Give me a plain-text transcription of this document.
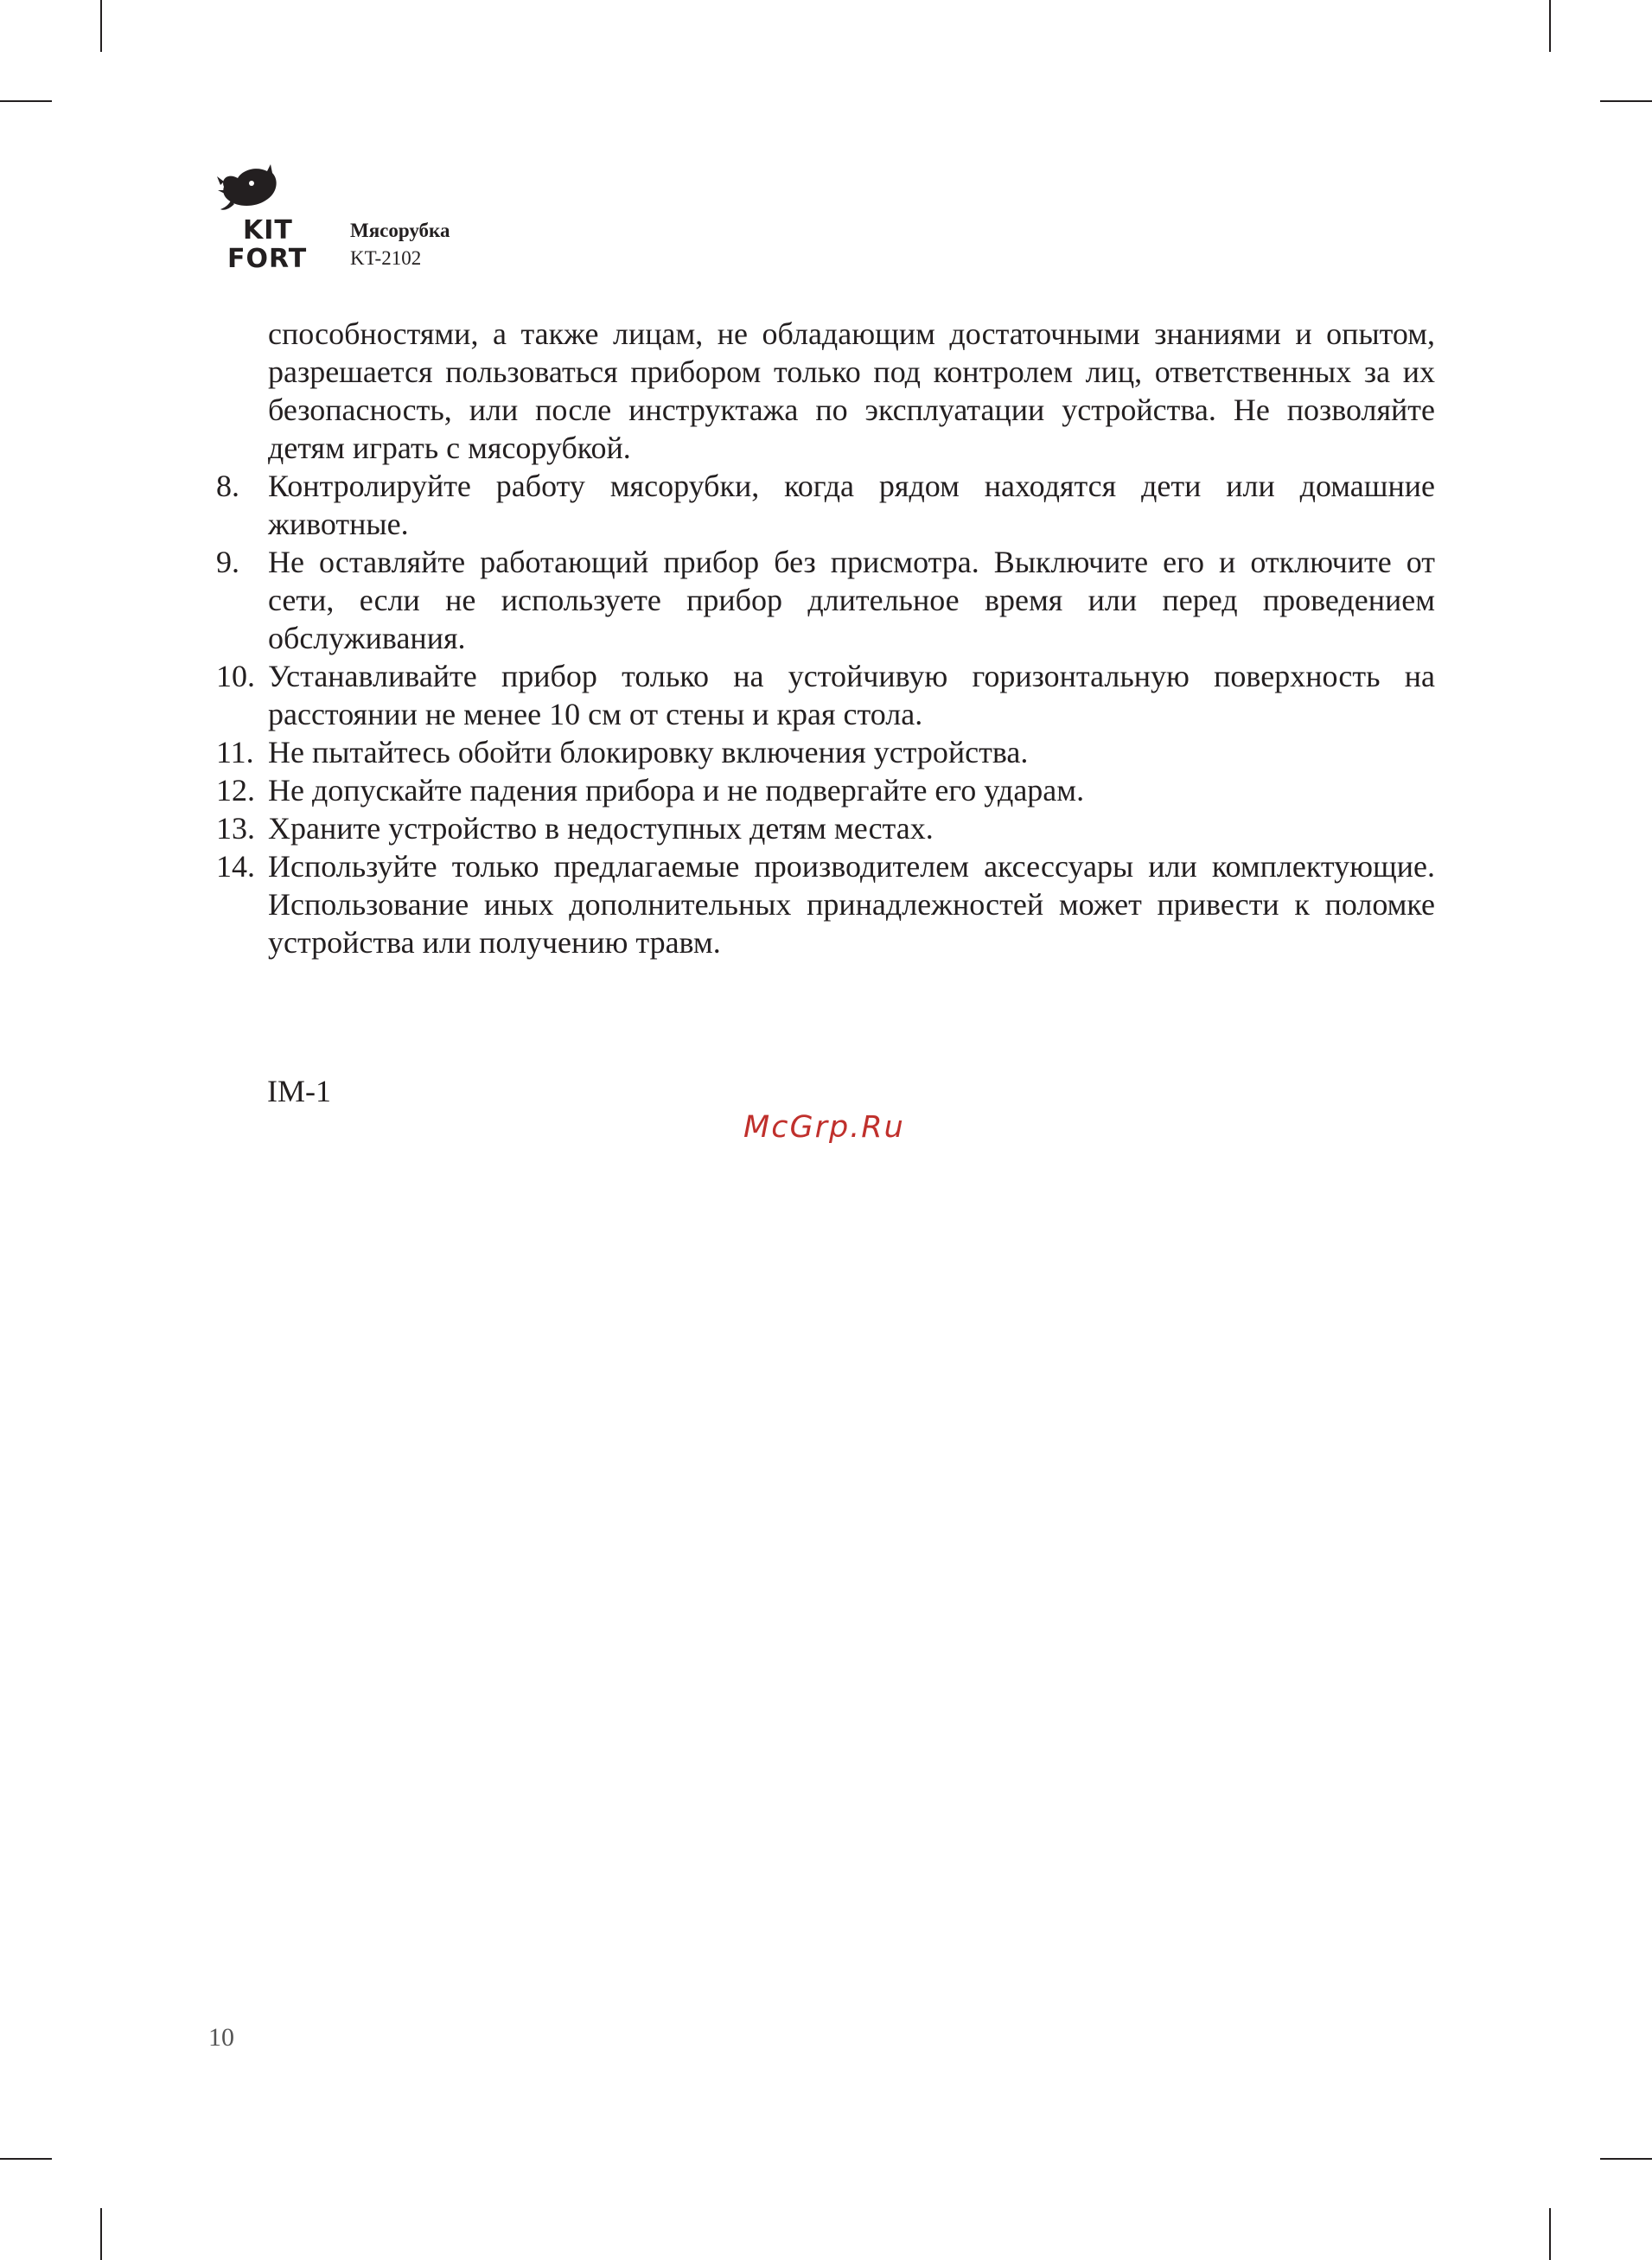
KIT
FORT

Мясорубка

KT-2102

способностями, а также лицам, не обладающим достаточными знаниями и опытом, разрешается пользоваться прибором только под контролем лиц, ответственных за их безопасность, или после инструктажа по эксплуатации устройства. Не позволяйте детям играть с мясорубкой.

8. Контролируйте работу мясорубки, когда рядом находятся дети или домашние животные.
9. Не оставляйте работающий прибор без присмотра. Выключите его и отключите от сети, если не используете прибор длительное время или перед проведением обслуживания.
10. Устанавливайте прибор только на устойчивую горизонтальную поверхность на расстоянии не менее 10 см от стены и края стола.
11. Не пытайтесь обойти блокировку включения устройства.
12. Не допускайте падения прибора и не подвергайте его ударам.
13. Храните устройство в недоступных детям местах.
14. Используйте только предлагаемые производителем аксессуары или комплектующие. Использование иных дополнительных принадлежностей может привести к поломке устройства или получению травм.

IM-1

McGrp.Ru

10
